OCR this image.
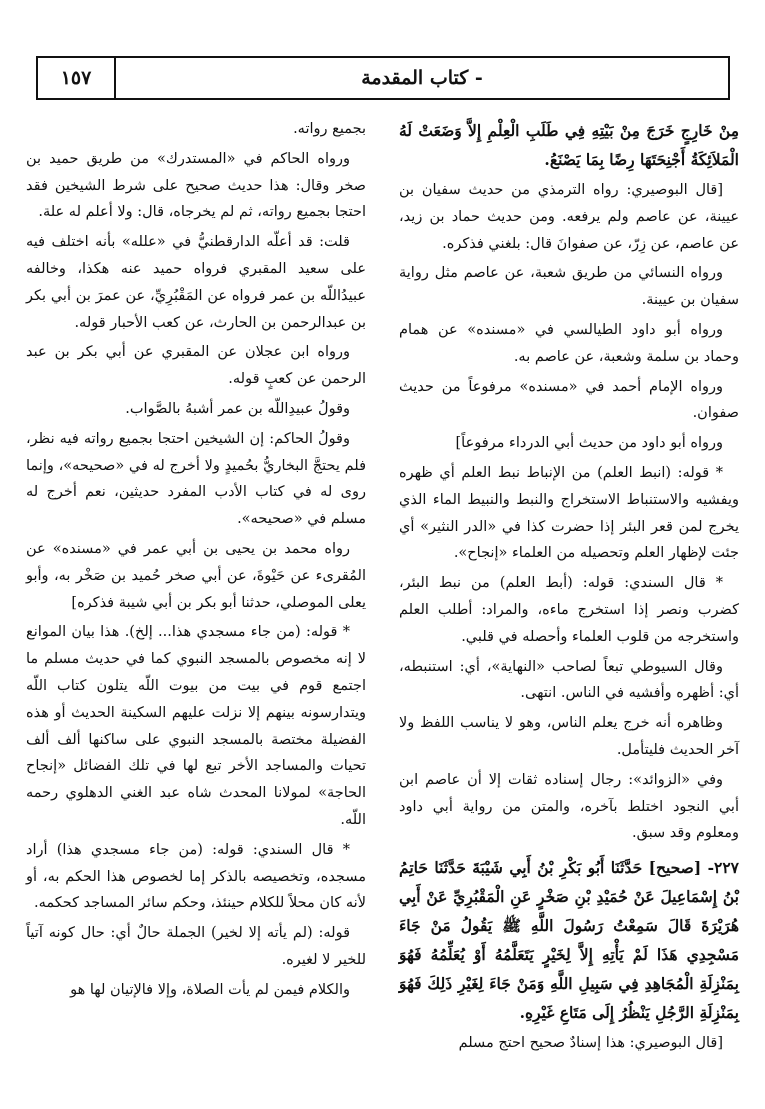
١٥٧	- كتاب المقدمة

مِنْ خَارِجٍ خَرَجَ مِنْ بَيْتِهِ فِي طَلَبِ الْعِلْمِ إِلاَّ وَضَعَتْ لَهُ الْمَلاَئِكَةُ أَجْنِحَتَهَا رِضًا بِمَا يَصْنَعُ.

[قال البوصيري: رواه الترمذي من حديث سفيان بن عيينة، عن عاصم ولم يرفعه. ومن حديث حماد بن زيد، عن عاصم، عن زِرّ، عن صفوانَ قال: بلغني فذكره.

ورواه النسائي من طريق شعبة، عن عاصم مثل رواية سفيان بن عيينة.

ورواه أبو داود الطيالسي في «مسنده» عن همام وحماد بن سلمة وشعبة، عن عاصم به.

ورواه الإمام أحمد في «مسنده» مرفوعاً من حديث صفوان.

ورواه أبو داود من حديث أبي الدرداء مرفوعاً]

* قوله: (انبط العلم) من الإنباط نبط العلم أي ظهره ويفشيه والاستنباط الاستخراج والنبط والنبيط الماء الذي يخرج لمن قعر البئر إذا حضرت كذا في «الدر النثير» أي جئت لإظهار العلم وتحصيله من العلماء «إنجاح».

* قال السندي: قوله: (أبط العلم) من نبط البئر، كضرب ونصر إذا استخرج ماءه، والمراد: أطلب العلم واستخرجه من قلوب العلماء وأحصله في قلبي.

وقال السيوطي تبعاً لصاحب «النهاية»، أي: استنبطه، أي: أظهره وأفشيه في الناس. انتهى.

وظاهره أنه خرج يعلم الناس، وهو لا يناسب اللفظ ولا آخر الحديث فليتأمل.

وفي «الزوائد»: رجال إسناده ثقات إلا أن عاصم ابن أبي النجود اختلط بآخره، والمتن من رواية أبي داود ومعلوم وقد سبق.

٢٢٧- [صحيح] حَدَّثَنَا أَبُو بَكْرِ بْنُ أَبِي شَيْبَةَ حَدَّثَنَا حَاتِمُ بْنُ إِسْمَاعِيلَ عَنْ حُمَيْدِ بْنِ صَخْرٍ عَنِ الْمَقْبُرِيِّ عَنْ أَبِي هُرَيْرَةَ قَالَ سَمِعْتُ رَسُولَ اللَّهِ ﷺ يَقُولُ مَنْ جَاءَ مَسْجِدِي هَذَا لَمْ يَأْتِهِ إِلاَّ لِخَيْرٍ يَتَعَلَّمُهُ أَوْ يُعَلِّمُهُ فَهُوَ بِمَنْزِلَةِ الْمُجَاهِدِ فِي سَبِيلِ اللَّهِ وَمَنْ جَاءَ لِغَيْرِ ذَلِكَ فَهُوَ بِمَنْزِلَةِ الرَّجُلِ يَنْظُرُ إِلَى مَتَاعِ غَيْرِهِ.

[قال البوصيري: هذا إسنادٌ صحيح احتج مسلم

بجميع رواته.

ورواه الحاكم في «المستدرك» من طريق حميد بن صخر وقال: هذا حديث صحيح على شرط الشيخين فقد احتجا بجميع رواته، ثم لم يخرجاه، قال: ولا أعلم له علة.

قلت: قد أعلّه الدارقطنيُّ في «علله» بأنه اختلف فيه على سعيد المقبري فرواه حميد عنه هكذا، وخالفه عبيدُاللّه بن عمر فرواه عن المَقْبُرِيِّ، عن عمرَ بن أبي بكر بن عبدالرحمن بن الحارث، عن كعب الأحبار قوله.

ورواه ابن عجلان عن المقبري عن أبي بكر بن عبد الرحمن عن كعبٍ قوله.

وقولُ عبيدِاللّه بن عمر أشبهُ بالصَّواب.

وقولُ الحاكم: إن الشيخين احتجا بجميع رواته فيه نظر، فلم يحتجَّ البخاريُّ بحُميدٍ ولا أخرج له في «صحيحه»، وإنما روى له في كتاب الأدب المفرد حديثين، نعم أخرج له مسلم في «صحيحه».

رواه محمد بن يحيى بن أبي عمر في «مسنده» عن المُقرىء عن حَيْوةَ، عن أبي صخر حُميد بن صَخْر به، وأبو يعلى الموصلي، حدثنا أبو بكر بن أبي شيبة فذكره]

* قوله: (من جاء مسجدي هذا... إلخ). هذا بيان الموانع لا إنه مخصوص بالمسجد النبوي كما في حديث مسلم ما اجتمع قوم في بيت من بيوت اللّه يتلون كتاب اللّه ويتدارسونه بينهم إلا نزلت عليهم السكينة الحديث أو هذه الفضيلة مختصة بالمسجد النبوي على ساكنها ألف ألف تحيات والمساجد الأخر تبع لها في تلك الفضائل «إنجاح الحاجة» لمولانا المحدث شاه عبد الغني الدهلوي رحمه اللّه.

* قال السندي: قوله: (من جاء مسجدي هذا) أراد مسجده، وتخصيصه بالذكر إما لخصوص هذا الحكم به، أو لأنه كان محلاً للكلام حينئذ، وحكم سائر المساجد كحكمه.

قوله: (لم يأته إلا لخير) الجملة حالٌ أي: حال كونه آتياً للخير لا لغيره.

والكلام فيمن لم يأت الصلاة، وإلا فالإتيان لها هو
